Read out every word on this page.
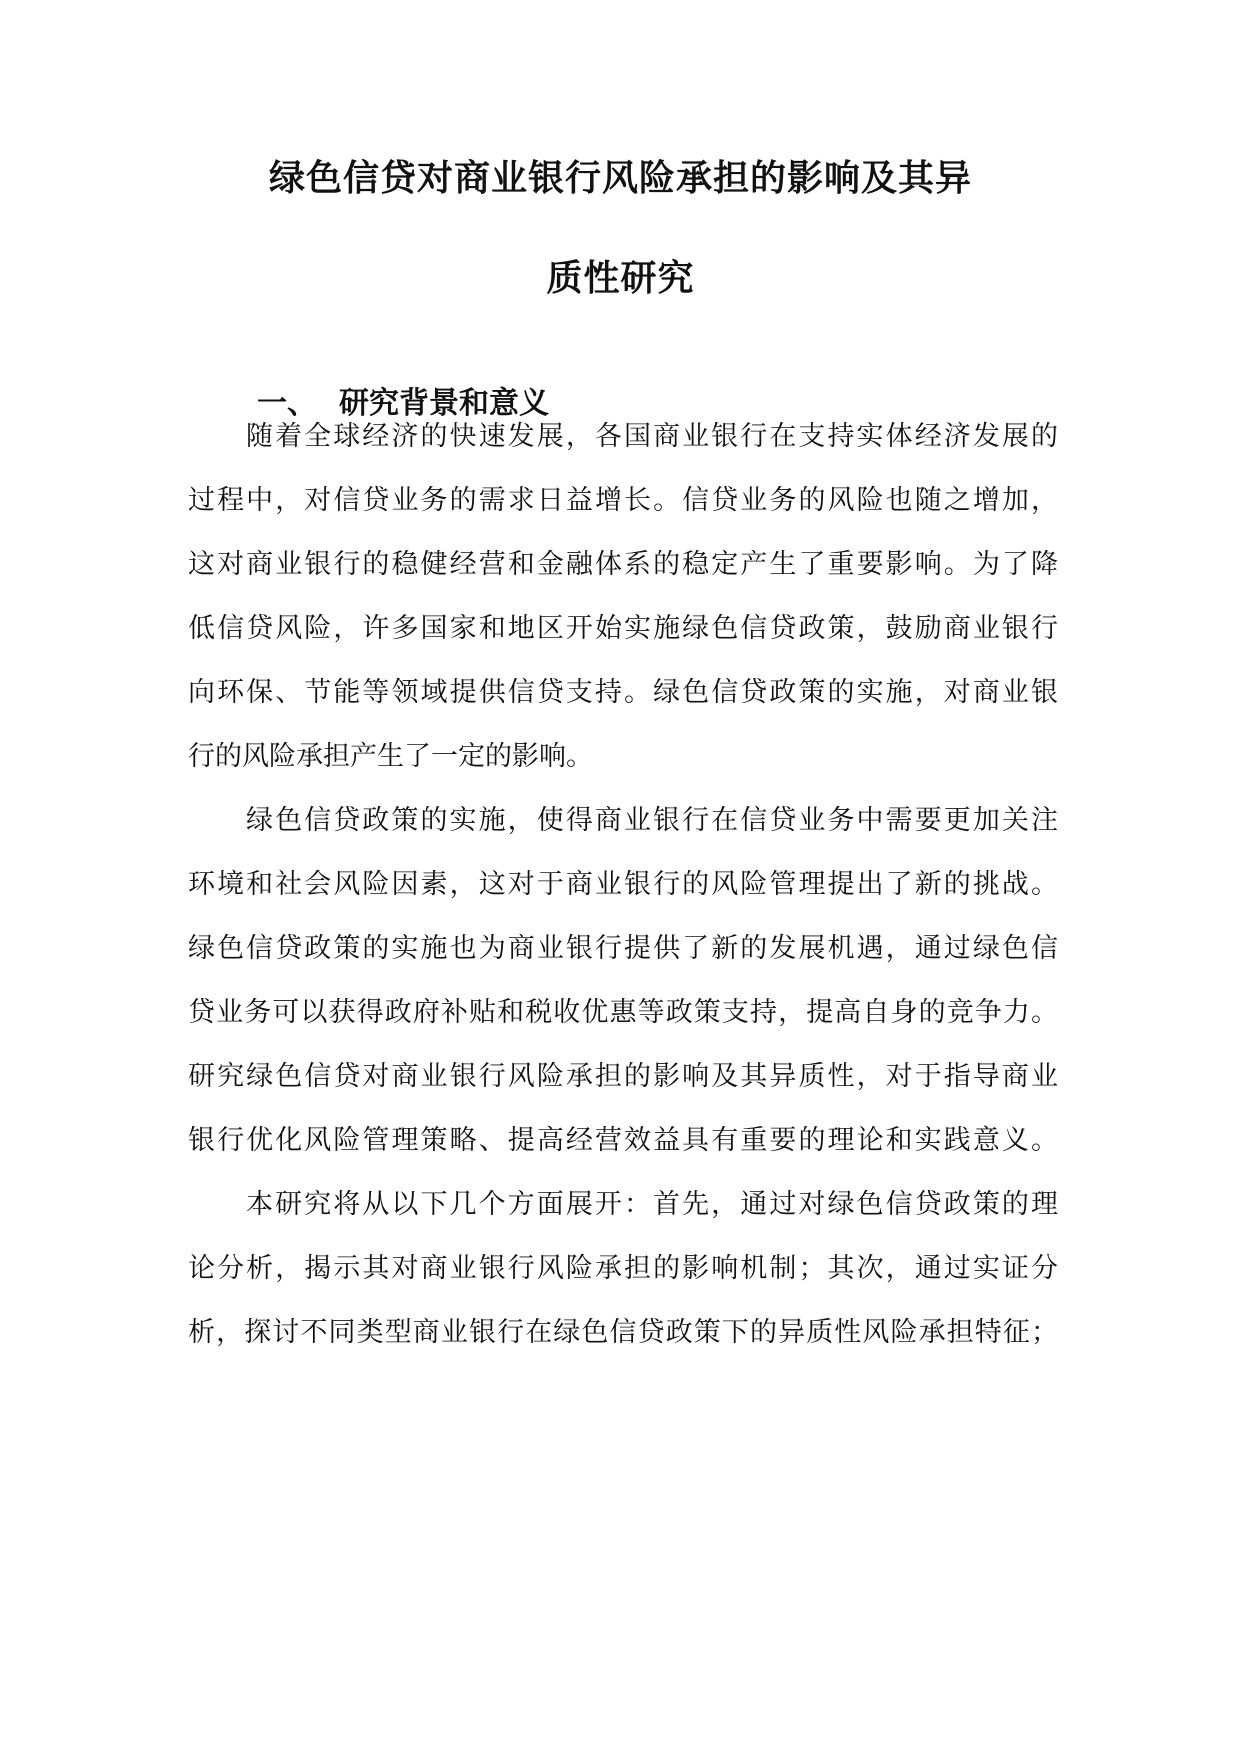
绿色信贷对商业银行风险承担的影响及其异
质性研究
一、 研究背景和意义
随着全球经济的快速发展，各国商业银行在支持实体经济发展的
过程中，对信贷业务的需求日益增长。信贷业务的风险也随之增加，
这对商业银行的稳健经营和金融体系的稳定产生了重要影响。为了降
低信贷风险，许多国家和地区开始实施绿色信贷政策，鼓励商业银行
向环保、节能等领域提供信贷支持。绿色信贷政策的实施，对商业银
行的风险承担产生了一定的影响。
绿色信贷政策的实施，使得商业银行在信贷业务中需要更加关注
环境和社会风险因素，这对于商业银行的风险管理提出了新的挑战。
绿色信贷政策的实施也为商业银行提供了新的发展机遇，通过绿色信
贷业务可以获得政府补贴和税收优惠等政策支持，提高自身的竞争力。
研究绿色信贷对商业银行风险承担的影响及其异质性，对于指导商业
银行优化风险管理策略、提高经营效益具有重要的理论和实践意义。
本研究将从以下几个方面展开：首先，通过对绿色信贷政策的理
论分析，揭示其对商业银行风险承担的影响机制；其次，通过实证分
析，探讨不同类型商业银行在绿色信贷政策下的异质性风险承担特征；
